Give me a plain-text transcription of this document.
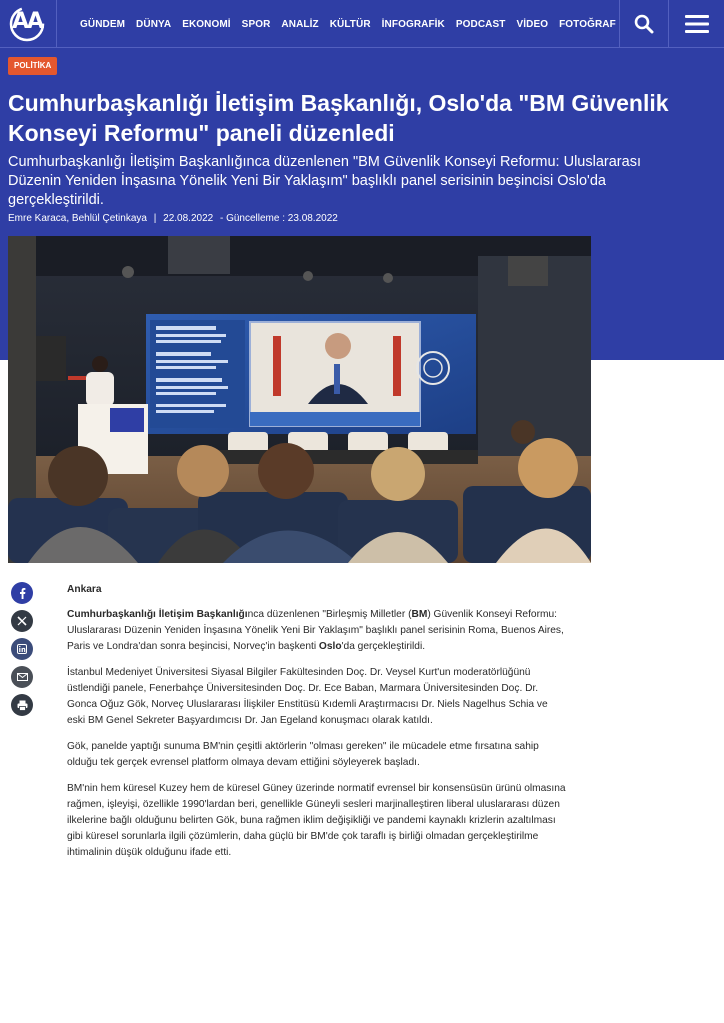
AA	GÜNDEM DÜNYA EKONOMİ SPOR ANALİZ KÜLTÜR İNFOGRAFİK PODCAST VİDEO FOTOĞRAF
POLİTİKA
Cumhurbaşkanlığı İletişim Başkanlığı, Oslo'da "BM Güvenlik Konseyi Reformu" paneli düzenledi

Cumhurbaşkanlığı İletişim Başkanlığınca düzenlenen "BM Güvenlik Konseyi Reformu: Uluslararası Düzenin Yeniden İnşasına Yönelik Yeni Bir Yaklaşım" başlıklı panel serisinin beşincisi Oslo'da gerçekleştirildi.

Emre Karaca, Behlül Çetinkaya | 22.08.2022 - Güncelleme : 23.08.2022
Ankara

Cumhurbaşkanlığı İletişim Başkanlığınca düzenlenen "Birleşmiş Milletler (BM) Güvenlik Konseyi Reformu: Uluslararası Düzenin Yeniden İnşasına Yönelik Yeni Bir Yaklaşım" başlıklı panel serisinin Roma, Buenos Aires, Paris ve Londra'dan sonra beşincisi, Norveç'in başkenti Oslo'da gerçekleştirildi.

İstanbul Medeniyet Üniversitesi Siyasal Bilgiler Fakültesinden Doç. Dr. Veysel Kurt'un moderatörlüğünü üstlendiği panele, Fenerbahçe Üniversitesinden Doç. Dr. Ece Baban, Marmara Üniversitesinden Doç. Dr. Gonca Oğuz Gök, Norveç Uluslararası İlişkiler Enstitüsü Kıdemli Araştırmacısı Dr. Niels Nagelhus Schia ve eski BM Genel Sekreter Başyardımcısı Dr. Jan Egeland konuşmacı olarak katıldı.

Gök, panelde yaptığı sunuma BM'nin çeşitli aktörlerin "olması gereken" ile mücadele etme fırsatına sahip olduğu tek gerçek evrensel platform olmaya devam ettiğini söyleyerek başladı.

BM'nin hem küresel Kuzey hem de küresel Güney üzerinde normatif evrensel bir konsensüsün ürünü olmasına rağmen, işleyişi, özellikle 1990'lardan beri, genellikle Güneyli sesleri marjinalleştiren liberal uluslararası düzen ilkelerine bağlı olduğunu belirten Gök, buna rağmen iklim değişikliği ve pandemi kaynaklı krizlerin azaltılması gibi küresel sorunlarla ilgili çözümlerin, daha güçlü bir BM'de çok taraflı iş birliği olmadan gerçekleştirilme ihtimalinin düşük olduğunu ifade etti.
